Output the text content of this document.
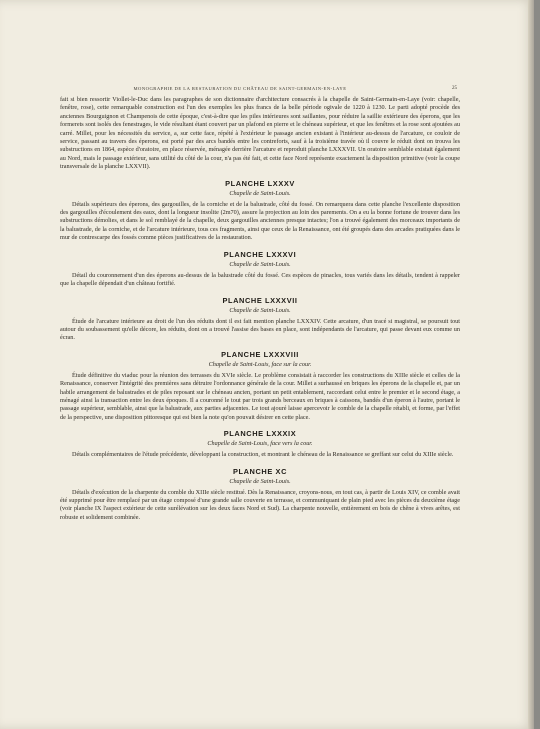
MONOGRAPHIE DE LA RESTAURATION DU CHÂTEAU DE SAINT-GERMAIN-EN-LAYE	25

fait si bien ressortir Viollet-le-Duc dans les paragraphes de son dictionnaire d'architecture consacrés à la chapelle de Saint-Germain-en-Laye (voir: chapelle, fenêtre, rose), cette remarquable construction est l'un des exemples les plus francs de la belle période ogivale de 1220 à 1230. Le parti adopté procède des anciennes Bourguignon et Champenois de cette époque, c'est-à-dire que les piles intérieures sont saillantes, pour réduire la saillie extérieure des éperons, que les formerets sont isolés des fenestrages, le vide résultant étant couvert par un plafond en pierre et le chéneau supérieur, et que les fenêtres et la rose sont ajoutées au carré. Millet, pour les nécessités du service, a, sur cette face, répété à l'extérieur le passage ancien existant à l'intérieur au-dessus de l'arcature, ce couloir de service, passant au travers des éperons, est porté par des arcs bandés entre les contreforts, sauf à la troisième travée où il couvre le réduit dont on trouva les substructions en 1864, espèce d'oratoire, en place réservée, ménagée derrière l'arcature et reproduit planche LXXXVII. Un oratoire semblable existait également au Nord, mais le passage extérieur, sans utilité du côté de la cour, n'a pas été fait, et cette face Nord représente exactement la disposition primitive (voir la coupe transversale de la planche LXXVII).

PLANCHE LXXXV
Chapelle de Saint-Louis.

Détails supérieurs des éperons, des gargouilles, de la corniche et de la balustrade, côté du fossé. On remarquera dans cette planche l'excellente disposition des gargouilles d'écoulement des eaux, dont la longueur insolite (2m70), assure la projection au loin des parements. On a eu la bonne fortune de trouver dans les substructions démolies, et dans le sol remblayé de la chapelle, deux gargouilles anciennes presque intactes; l'on a trouvé également des morceaux importants de la balustrade, de la corniche, et de l'arcature intérieure, tous ces fragments, ainsi que ceux de la Renaissance, ont été groupés dans des arcades pratiquées dans le mur de contrescarpe des fossés comme pièces justificatives de la restauration.

PLANCHE LXXXVI
Chapelle de Saint-Louis.

Détail du couronnement d'un des éperons au-dessus de la balustrade côté du fossé. Ces espèces de pinacles, tous variés dans les détails, tendent à rappeler que la chapelle dépendait d'un château fortifié.

PLANCHE LXXXVII
Chapelle de Saint-Louis.

Étude de l'arcature intérieure au droit de l'un des réduits dont il est fait mention planche LXXXIV. Cette arcature, d'un tracé si magistral, se poursuit tout autour du soubassement qu'elle décore, les réduits, dont on a trouvé l'assise des bases en place, sont indépendants de l'arcature, qui passe devant eux comme un écran.

PLANCHE LXXXVIII
Chapelle de Saint-Louis, face sur la cour.

Étude définitive du viaduc pour la réunion des terrasses du XVIe siècle. Le problème consistait à raccorder les constructions du XIIIe siècle et celles de la Renaissance, conserver l'intégrité des premières sans détruire l'ordonnance générale de la cour. Millet a surhaussé en briques les éperons de la chapelle et, par un habile arrangement de balustrades et de piles reposant sur le chéneau ancien, portant un petit entablement, raccordant celui entre le premier et le second étage, a ménagé ainsi la transaction entre les deux époques. Il a couronné le tout par trois grands berceaux en briques à caissons, bandés d'un éperon à l'autre, portant le passage supérieur, semblable, ainsi que la balustrade, aux parties adjacentes. Le tout ajouré laisse apercevoir le comble de la chapelle rétabli, et forme, par l'effet de la perspective, une disposition pittoresque qui est bien la note qu'on pouvait désirer en cette place.

PLANCHE LXXXIX
Chapelle de Saint-Louis, face vers la cour.

Détails complémentaires de l'étude précédente, développant la construction, et montrant le chéneau de la Renaissance se greffant sur celui du XIIIe siècle.

PLANCHE XC
Chapelle de Saint-Louis.

Détails d'exécution de la charpente du comble du XIIIe siècle restitué. Dès la Renaissance, croyons-nous, en tout cas, à partir de Louis XIV, ce comble avait été supprimé pour être remplacé par un étage composé d'une grande salle couverte en terrasse, et communiquant de plain pied avec les pièces du deuxième étage (voir planche IX l'aspect extérieur de cette surélévation sur les deux faces Nord et Sud). La charpente nouvelle, entièrement en bois de chêne à vives arêtes, est robuste et solidement combinée.
